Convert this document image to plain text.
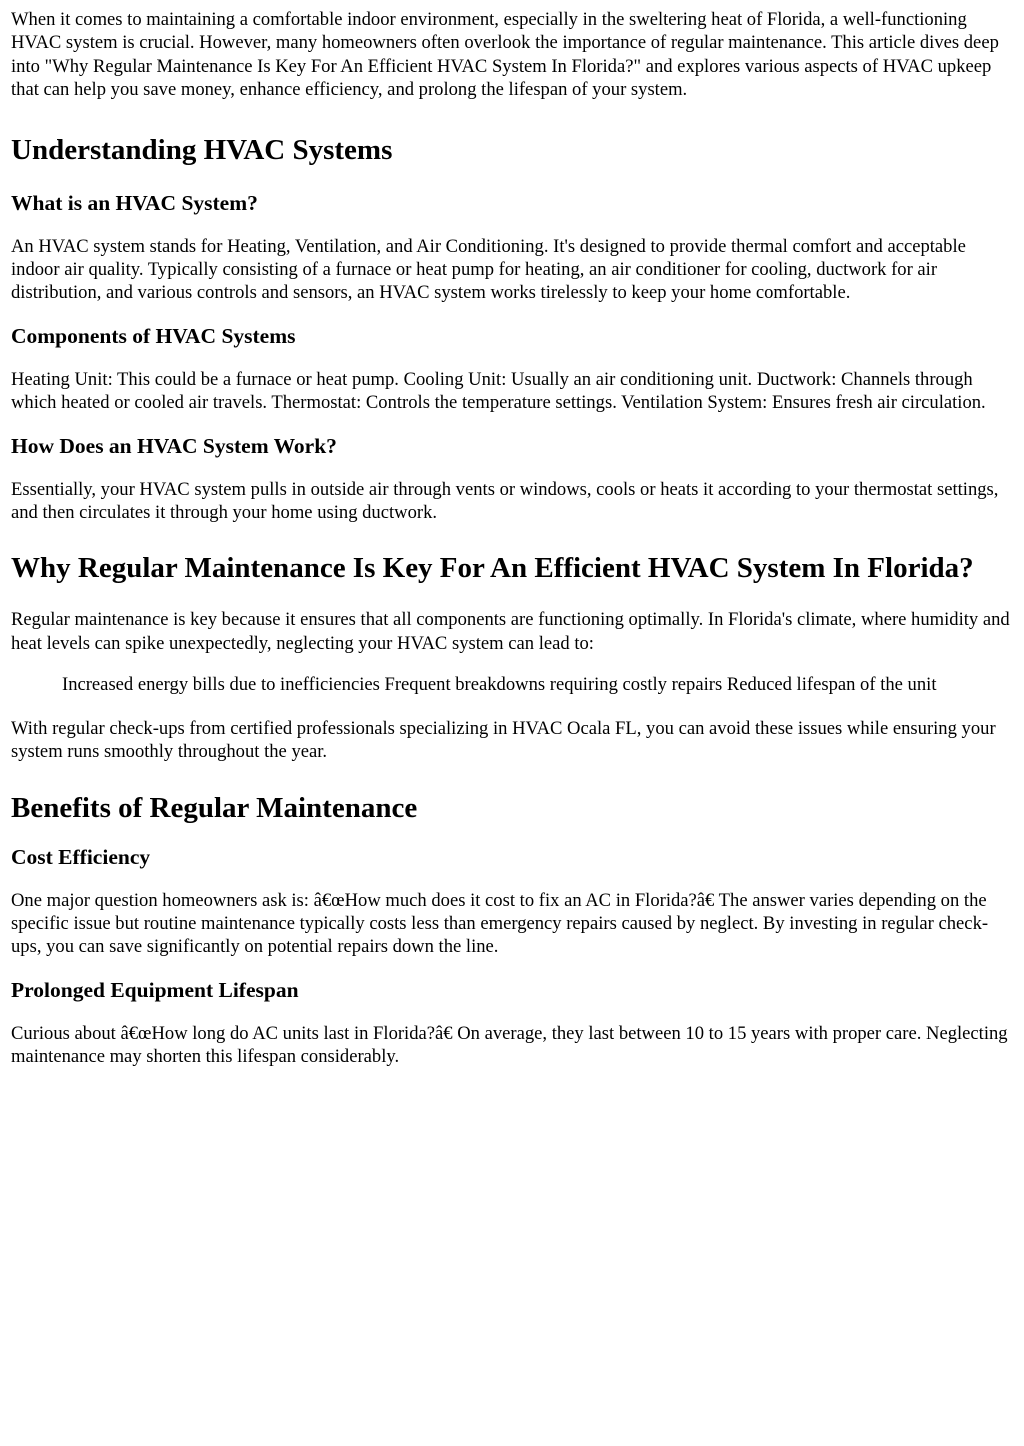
When it comes to maintaining a comfortable indoor environment, especially in the sweltering heat of Florida, a well-functioning HVAC system is crucial. However, many homeowners often overlook the importance of regular maintenance. This article dives deep into "Why Regular Maintenance Is Key For An Efficient HVAC System In Florida?" and explores various aspects of HVAC upkeep that can help you save money, enhance efficiency, and prolong the lifespan of your system.

Understanding HVAC Systems
What is an HVAC System?

An HVAC system stands for Heating, Ventilation, and Air Conditioning. It's designed to provide thermal comfort and acceptable indoor air quality. Typically consisting of a furnace or heat pump for heating, an air conditioner for cooling, ductwork for air distribution, and various controls and sensors, an HVAC system works tirelessly to keep your home comfortable.

Components of HVAC Systems

Heating Unit: This could be a furnace or heat pump. Cooling Unit: Usually an air conditioning unit. Ductwork: Channels through which heated or cooled air travels. Thermostat: Controls the temperature settings. Ventilation System: Ensures fresh air circulation.

How Does an HVAC System Work?

Essentially, your HVAC system pulls in outside air through vents or windows, cools or heats it according to your thermostat settings, and then circulates it through your home using ductwork.

Why Regular Maintenance Is Key For An Efficient HVAC System In Florida?

Regular maintenance is key because it ensures that all components are functioning optimally. In Florida's climate, where humidity and heat levels can spike unexpectedly, neglecting your HVAC system can lead to:

Increased energy bills due to inefficiencies Frequent breakdowns requiring costly repairs Reduced lifespan of the unit

With regular check-ups from certified professionals specializing in HVAC Ocala FL, you can avoid these issues while ensuring your system runs smoothly throughout the year.

Benefits of Regular Maintenance
Cost Efficiency

One major question homeowners ask is: â€œHow much does it cost to fix an AC in Florida?â€ The answer varies depending on the specific issue but routine maintenance typically costs less than emergency repairs caused by neglect. By investing in regular check-ups, you can save significantly on potential repairs down the line.

Prolonged Equipment Lifespan

Curious about â€œHow long do AC units last in Florida?â€ On average, they last between 10 to 15 years with proper care. Neglecting maintenance may shorten this lifespan considerably.
